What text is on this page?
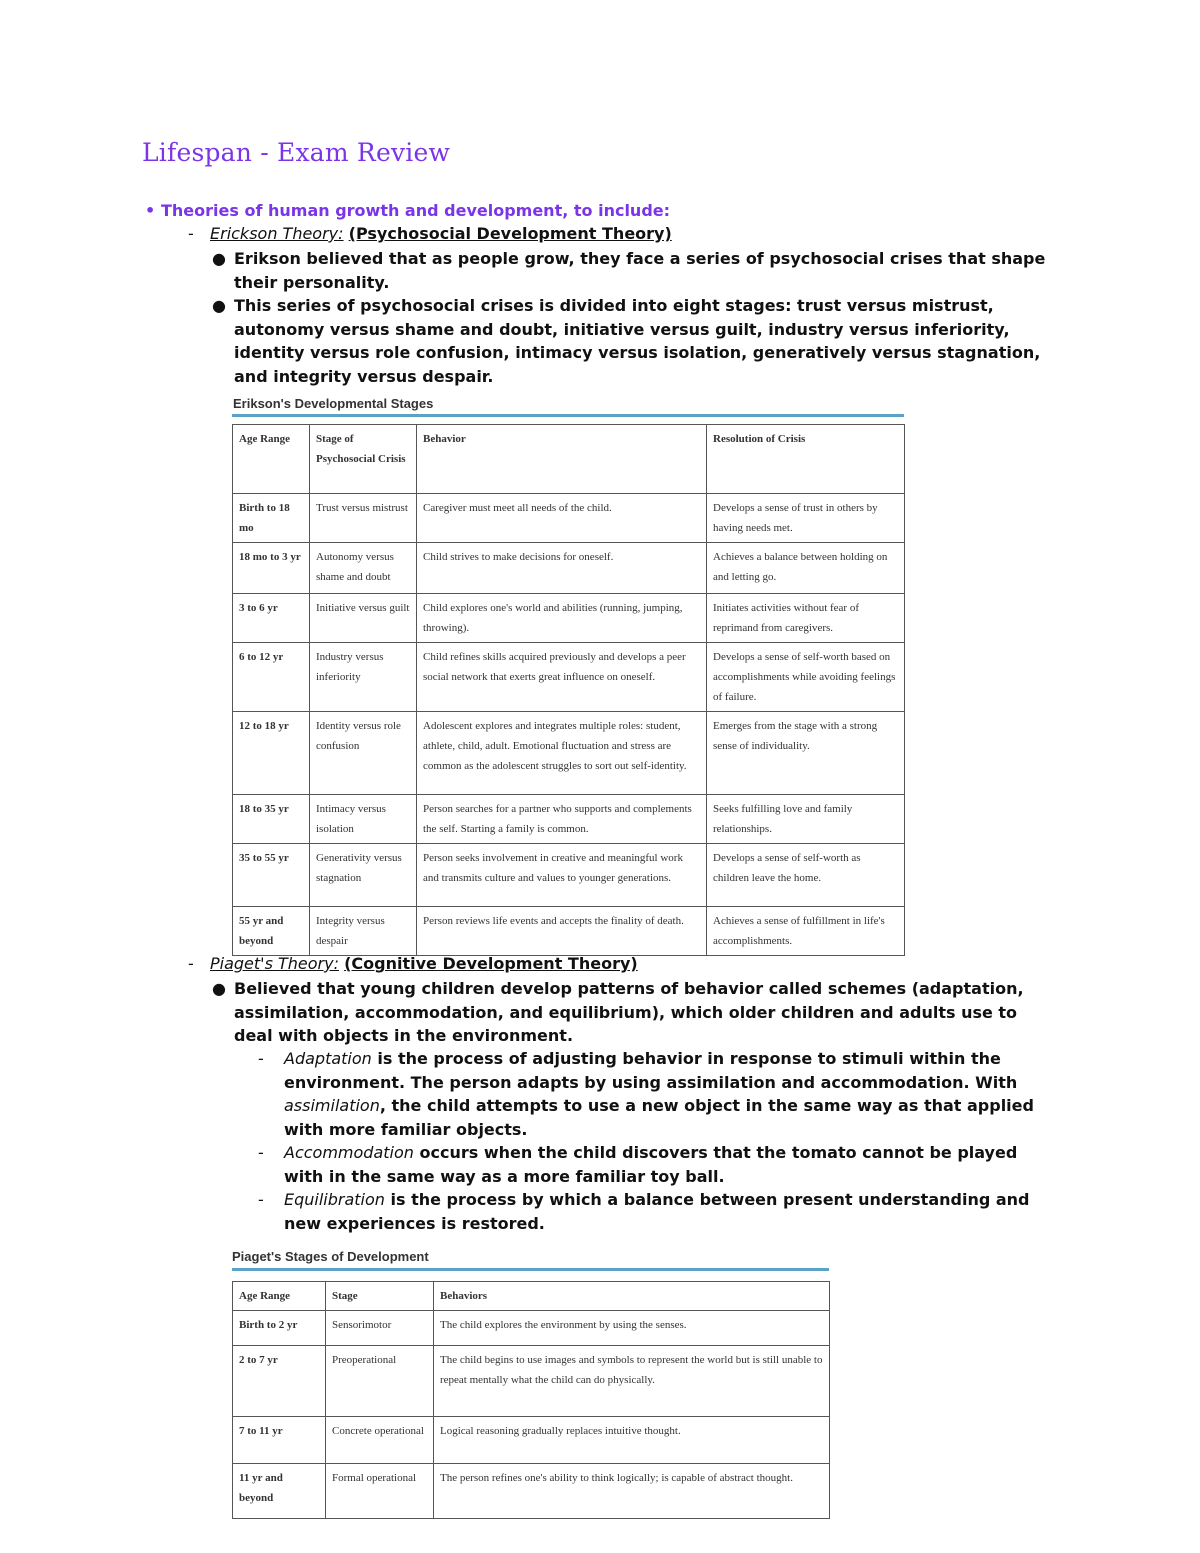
Lifespan - Exam Review
• Theories of human growth and development, to include:
- Erickson Theory: (Psychosocial Development Theory)
● Erikson believed that as people grow, they face a series of psychosocial crises that shape their personality.
● This series of psychosocial crises is divided into eight stages: trust versus mistrust, autonomy versus shame and doubt, initiative versus guilt, industry versus inferiority, identity versus role confusion, intimacy versus isolation, generatively versus stagnation, and integrity versus despair.
Erikson's Developmental Stages
Age Range	Stage of Psychosocial Crisis	Behavior	Resolution of Crisis
Birth to 18 mo	Trust versus mistrust	Caregiver must meet all needs of the child.	Develops a sense of trust in others by having needs met.
18 mo to 3 yr	Autonomy versus shame and doubt	Child strives to make decisions for oneself.	Achieves a balance between holding on and letting go.
3 to 6 yr	Initiative versus guilt	Child explores one's world and abilities (running, jumping, throwing).	Initiates activities without fear of reprimand from caregivers.
6 to 12 yr	Industry versus inferiority	Child refines skills acquired previously and develops a peer social network that exerts great influence on oneself.	Develops a sense of self-worth based on accomplishments while avoiding feelings of failure.
12 to 18 yr	Identity versus role confusion	Adolescent explores and integrates multiple roles: student, athlete, child, adult. Emotional fluctuation and stress are common as the adolescent struggles to sort out self-identity.	Emerges from the stage with a strong sense of individuality.
18 to 35 yr	Intimacy versus isolation	Person searches for a partner who supports and complements the self. Starting a family is common.	Seeks fulfilling love and family relationships.
35 to 55 yr	Generativity versus stagnation	Person seeks involvement in creative and meaningful work and transmits culture and values to younger generations.	Develops a sense of self-worth as children leave the home.
55 yr and beyond	Integrity versus despair	Person reviews life events and accepts the finality of death.	Achieves a sense of fulfillment in life's accomplishments.
- Piaget's Theory: (Cognitive Development Theory)
● Believed that young children develop patterns of behavior called schemes (adaptation, assimilation, accommodation, and equilibrium), which older children and adults use to deal with objects in the environment.
- Adaptation is the process of adjusting behavior in response to stimuli within the environment. The person adapts by using assimilation and accommodation. With assimilation, the child attempts to use a new object in the same way as that applied with more familiar objects.
- Accommodation occurs when the child discovers that the tomato cannot be played with in the same way as a more familiar toy ball.
- Equilibration is the process by which a balance between present understanding and new experiences is restored.
Piaget's Stages of Development
Age Range	Stage	Behaviors
Birth to 2 yr	Sensorimotor	The child explores the environment by using the senses.
2 to 7 yr	Preoperational	The child begins to use images and symbols to represent the world but is still unable to repeat mentally what the child can do physically.
7 to 11 yr	Concrete operational	Logical reasoning gradually replaces intuitive thought.
11 yr and beyond	Formal operational	The person refines one's ability to think logically; is capable of abstract thought.
